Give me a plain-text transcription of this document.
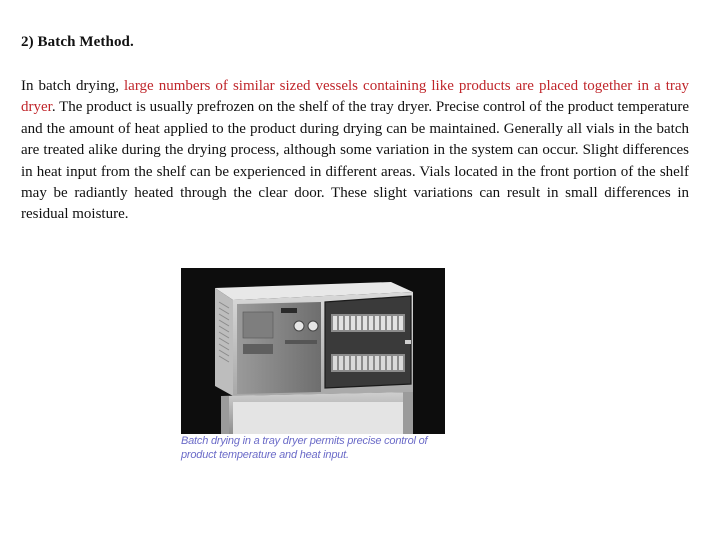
2) Batch Method.
In batch drying, large numbers of similar sized vessels containing like products are placed together in a tray dryer. The product is usually prefrozen on the shelf of the tray dryer. Precise control of the product temperature and the amount of heat applied to the product during drying can be maintained. Generally all vials in the batch are treated alike during the drying process, although some variation in the system can occur. Slight differences in heat input from the shelf can be experienced in different areas. Vials located in the front portion of the shelf may be radiantly heated through the clear door. These slight variations can result in small differences in residual moisture.
Batch drying in a tray dryer permits precise control of product temperature and heat input.
